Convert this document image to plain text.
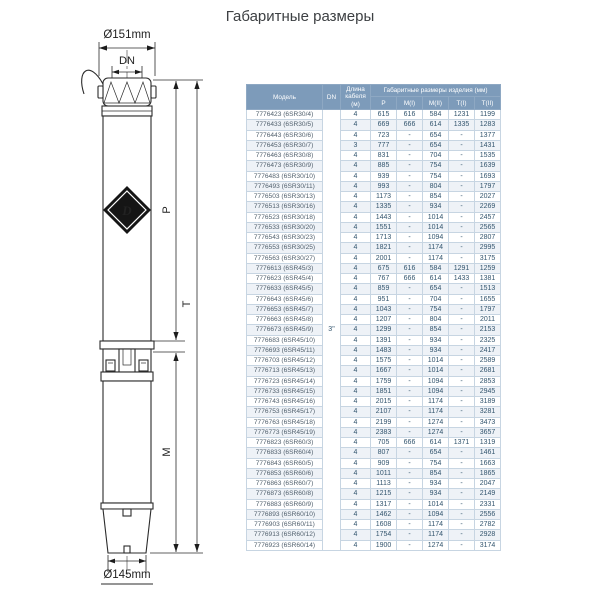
Габаритные размеры
Ø151mm
DN
D	P
M
T
Ø145mm
Модель	DN	Длина кабеля (м)	Габаритные размеры изделия (мм)				
			Р	М(I)	М(II)	Т(I)	Т(II)
7776423 (6SR30/4)	3"	4	615	616	584	1231	1199
7776433 (6SR30/5)		4	669	666	614	1335	1283
7776443 (6SR30/6)		4	723	-	654	-	1377
7776453 (6SR30/7)		3	777	-	654	-	1431
7776463 (6SR30/8)		4	831	-	704	-	1535
7776473 (6SR30/9)		4	885	-	754	-	1639
7776483 (6SR30/10)		4	939	-	754	-	1693
7776493 (6SR30/11)		4	993	-	804	-	1797
7776503 (6SR30/13)		4	1173	-	854	-	2027
7776513 (6SR30/16)		4	1335	-	934	-	2269
7776523 (6SR30/18)		4	1443	-	1014	-	2457
7776533 (6SR30/20)		4	1551	-	1014	-	2565
7776543 (6SR30/23)		4	1713	-	1094	-	2807
7776553 (6SR30/25)		4	1821	-	1174	-	2995
7776563 (6SR30/27)		4	2001	-	1174	-	3175
7776613 (6SR45/3)		4	675	616	584	1291	1259
7776623 (6SR45/4)		4	767	666	614	1433	1381
7776633 (6SR45/5)		4	859	-	654	-	1513
7776643 (6SR45/6)		4	951	-	704	-	1655
7776653 (6SR45/7)		4	1043	-	754	-	1797
7776663 (6SR45/8)		4	1207	-	804	-	2011
7776673 (6SR45/9)		4	1299	-	854	-	2153
7776683 (6SR45/10)		4	1391	-	934	-	2325
7776693 (6SR45/11)		4	1483	-	934	-	2417
7776703 (6SR45/12)		4	1575	-	1014	-	2589
7776713 (6SR45/13)		4	1667	-	1014	-	2681
7776723 (6SR45/14)		4	1759	-	1094	-	2853
7776733 (6SR45/15)		4	1851	-	1094	-	2945
7776743 (6SR45/16)		4	2015	-	1174	-	3189
7776753 (6SR45/17)		4	2107	-	1174	-	3281
7776763 (6SR45/18)		4	2199	-	1274	-	3473
7776773 (6SR45/19)		4	2383	-	1274	-	3657
7776823 (6SR60/3)		4	705	666	614	1371	1319
7776833 (6SR60/4)		4	807	-	654	-	1461
7776843 (6SR60/5)		4	909	-	754	-	1663
7776853 (6SR60/6)		4	1011	-	854	-	1865
7776863 (6SR60/7)		4	1113	-	934	-	2047
7776873 (6SR60/8)		4	1215	-	934	-	2149
7776883 (6SR60/9)		4	1317	-	1014	-	2331
7776893 (6SR60/10)		4	1462	-	1094	-	2556
7776903 (6SR60/11)		4	1608	-	1174	-	2782
7776913 (6SR60/12)		4	1754	-	1174	-	2928
7776923 (6SR60/14)		4	1900	-	1274	-	3174
